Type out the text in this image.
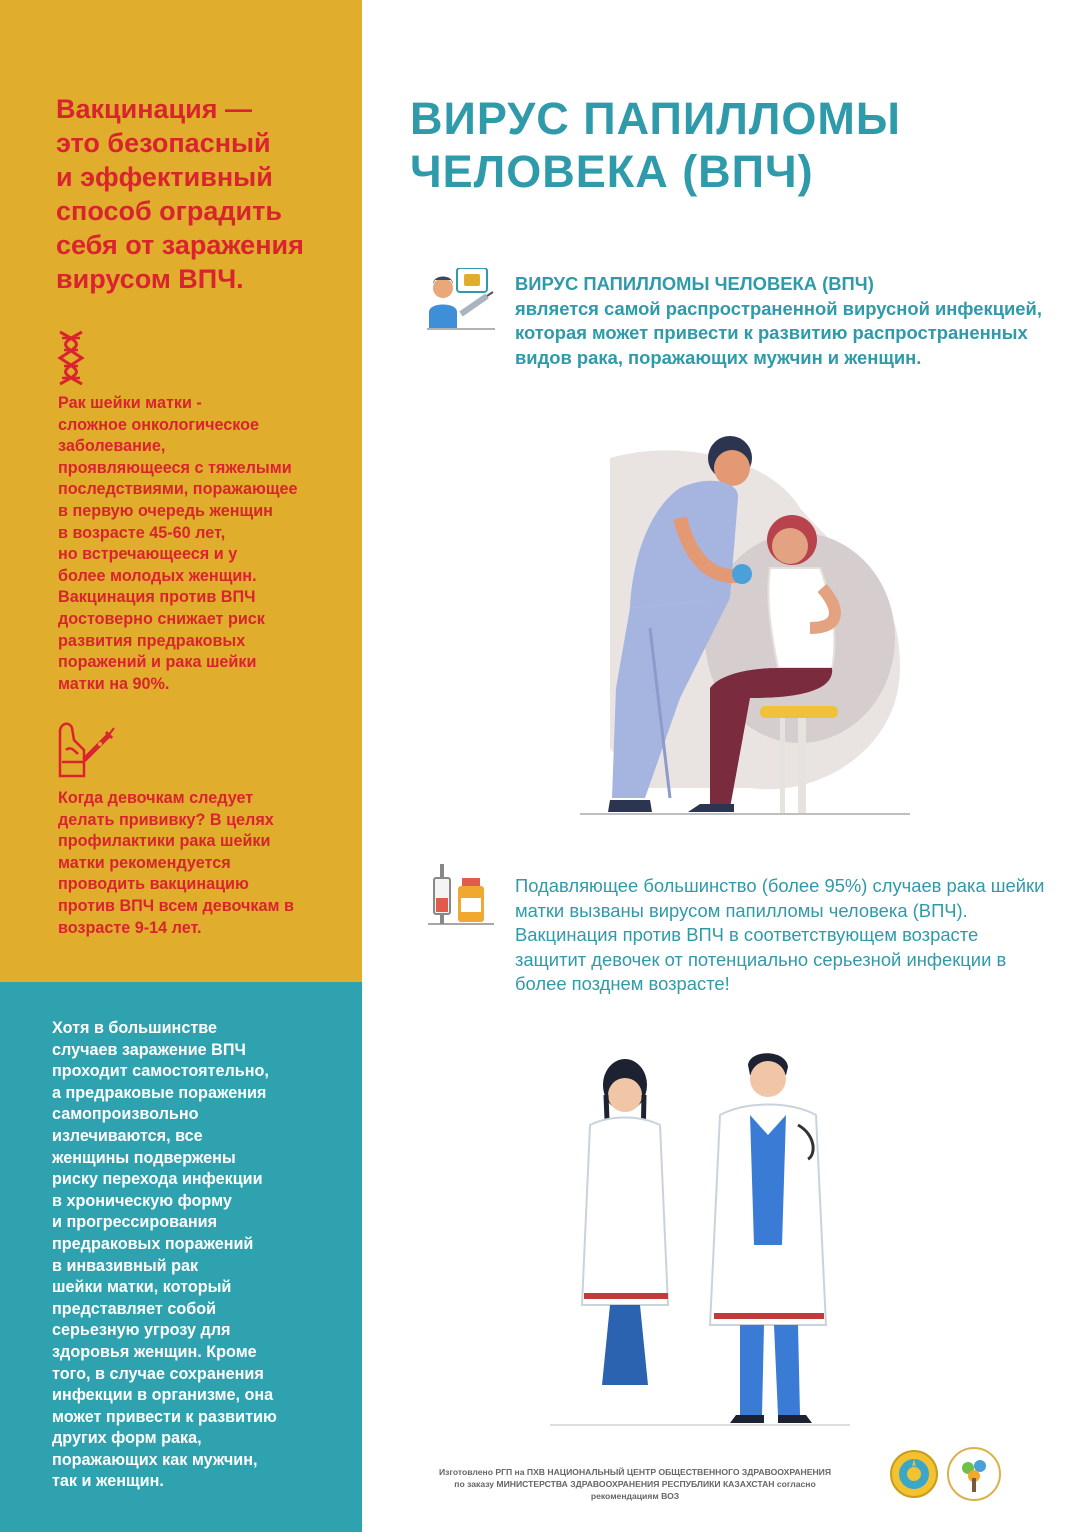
Вакцинация —
это безопасный
и эффективный
способ оградить
себя от заражения
вирусом ВПЧ.
Рак шейки матки -
сложное онкологическое
заболевание,
проявляющееся с тяжелыми
последствиями, поражающее
в первую очередь женщин
в возрасте 45-60 лет,
но встречающееся и у
более молодых женщин.
Вакцинация против ВПЧ
достоверно снижает риск
развития предраковых
поражений и рака шейки
матки на 90%.
Когда девочкам следует
делать прививку? В целях
профилактики рака шейки
матки рекомендуется
проводить вакцинацию
против ВПЧ всем девочкам в
возрасте 9-14 лет.
Хотя в большинстве
случаев заражение ВПЧ
проходит самостоятельно,
а предраковые поражения
самопроизвольно
излечиваются, все
женщины подвержены
риску перехода инфекции
в хроническую форму
и прогрессирования
предраковых поражений
в инвазивный рак
шейки матки, который
представляет собой
серьезную угрозу для
здоровья женщин. Кроме
того, в случае сохранения
инфекции в организме, она
может привести к развитию
других форм рака,
поражающих как мужчин,
так и женщин.
ВИРУС ПАПИЛЛОМЫ
ЧЕЛОВЕКА (ВПЧ)
ВИРУС ПАПИЛЛОМЫ ЧЕЛОВЕКА (ВПЧ)
является самой распространенной вирусной инфекцией, которая может привести к развитию распространенных видов рака, поражающих мужчин и женщин.
Подавляющее большинство (более 95%) случаев рака шейки матки вызваны вирусом папилломы человека (ВПЧ). Вакцинация против ВПЧ в соответствующем возрасте защитит девочек от потенциально серьезной инфекции в более позднем возрасте!
Изготовлено РГП на ПХВ НАЦИОНАЛЬНЫЙ ЦЕНТР ОБЩЕСТВЕННОГО ЗДРАВООХРАНЕНИЯ
по заказу МИНИСТЕРСТВА ЗДРАВООХРАНЕНИЯ РЕСПУБЛИКИ КАЗАХСТАН согласно
рекомендациям ВОЗ
